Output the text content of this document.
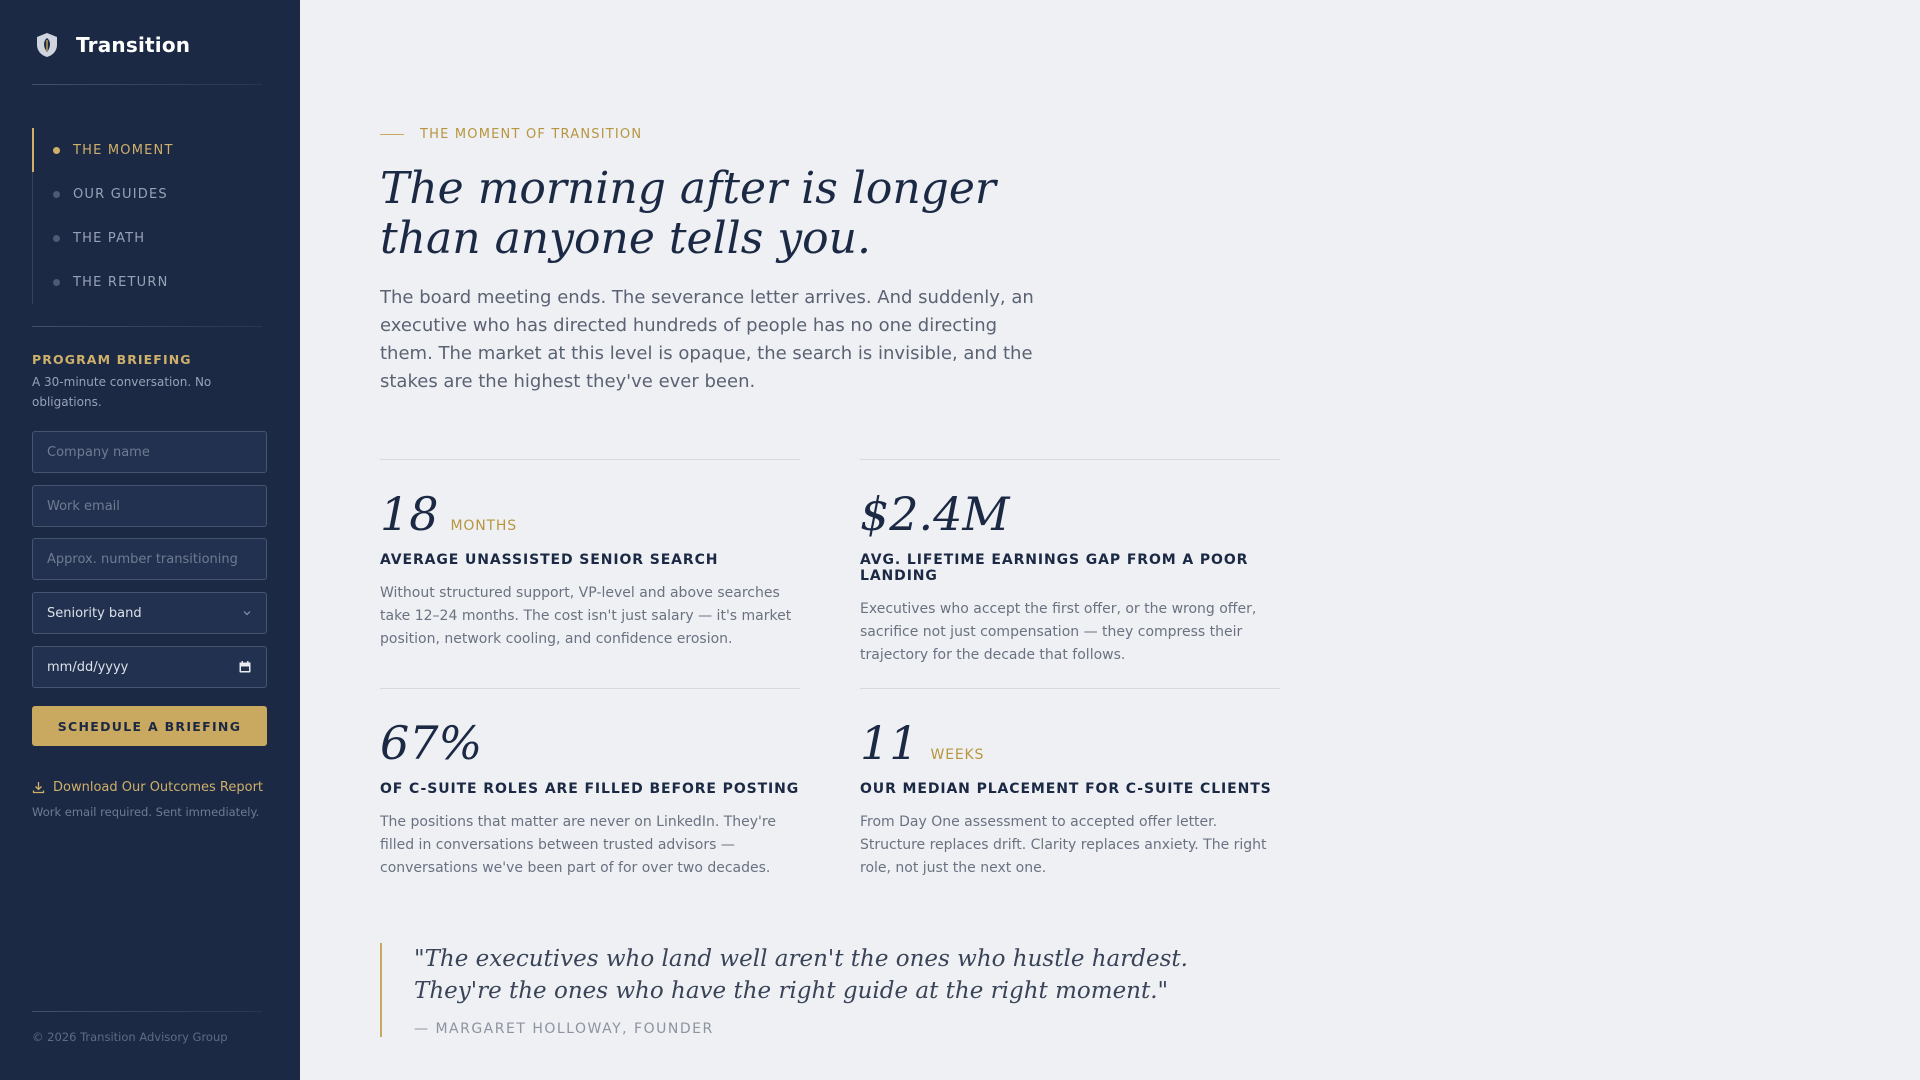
Transition
THE MOMENT
OUR GUIDES
THE PATH
THE RETURN
PROGRAM BRIEFING
A 30-minute conversation. No obligations.
Company name
Work email
Approx. number transitioning
Seniority band
mm/dd/yyyy
SCHEDULE A BRIEFING
Download Our Outcomes Report
Work email required. Sent immediately.
© 2026 Transition Advisory Group
THE MOMENT OF TRANSITION
The morning after is longer
than anyone tells you.

The board meeting ends. The severance letter arrives. And suddenly, an executive who has directed hundreds of people has no one directing them. The market at this level is opaque, the search is invisible, and the stakes are the highest they've ever been.

18 MONTHS
AVERAGE UNASSISTED SENIOR SEARCH

Without structured support, VP-level and above searches take 12–24 months. The cost isn't just salary — it's market position, network cooling, and confidence erosion.

$2.4M
AVG. LIFETIME EARNINGS GAP FROM A POOR LANDING

Executives who accept the first offer, or the wrong offer, sacrifice not just compensation — they compress their trajectory for the decade that follows.

67%
OF C-SUITE ROLES ARE FILLED BEFORE POSTING

The positions that matter are never on LinkedIn. They're filled in conversations between trusted advisors — conversations we've been part of for over two decades.

11 WEEKS
OUR MEDIAN PLACEMENT FOR C-SUITE CLIENTS

From Day One assessment to accepted offer letter. Structure replaces drift. Clarity replaces anxiety. The right role, not just the next one.

"The executives who land well aren't the ones who hustle hardest. They're the ones who have the right guide at the right moment."

— MARGARET HOLLOWAY, FOUNDER
